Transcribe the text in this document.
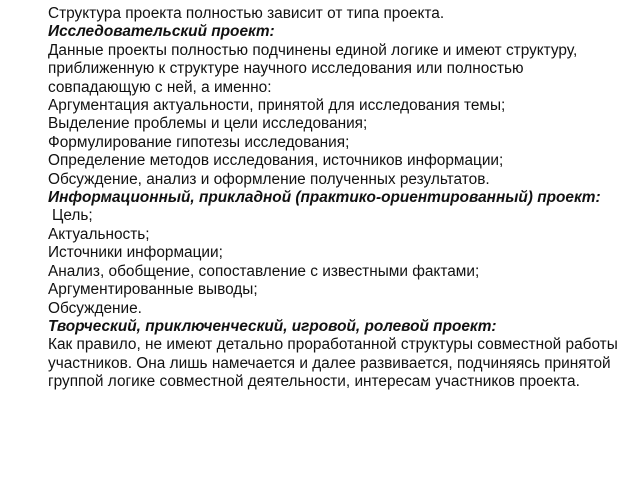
Структура проекта полностью зависит от типа проекта.
Исследовательский проект:
Данные проекты полностью подчинены единой логике и имеют структуру, приближенную к структуре научного исследования или полностью совпадающую с ней, а именно:
Аргументация актуальности, принятой для исследования темы;
Выделение проблемы и цели исследования;
Формулирование гипотезы исследования;
Определение методов исследования, источников информации;
Обсуждение, анализ и оформление полученных результатов.
Информационный, прикладной (практико-ориентированный) проект:
Цель;
Актуальность;
Источники информации;
Анализ, обобщение, сопоставление с известными фактами;
Аргументированные выводы;
Обсуждение.
Творческий, приключенческий, игровой, ролевой проект:
Как правило, не имеют детально проработанной структуры совместной работы участников. Она лишь намечается и далее развивается, подчиняясь принятой группой логике совместной деятельности, интересам участников проекта.
